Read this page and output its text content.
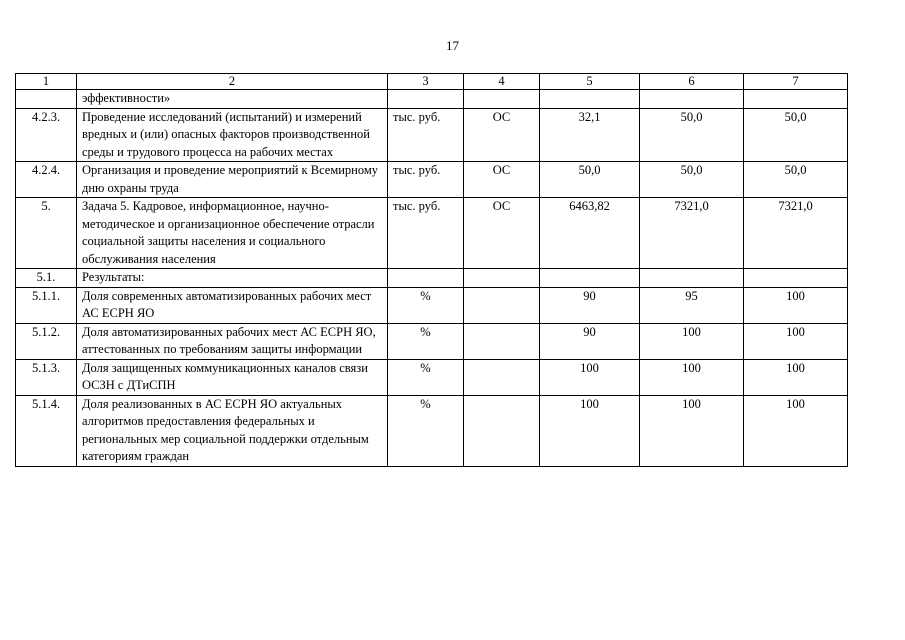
17
1	2	3	4	5	6	7
	эффективности»					
4.2.3.	Проведение исследований (испытаний) и измерений вредных и (или) опасных факторов производственной среды и трудового процесса на рабочих местах	тыс. руб.	ОС	32,1	50,0	50,0
4.2.4.	Организация и проведение мероприятий к Всемирному дню охраны труда	тыс. руб.	ОС	50,0	50,0	50,0
5.	Задача 5. Кадровое, информационное, научно-методическое и организационное обеспечение отрасли социальной защиты населения и социального обслуживания населения	тыс. руб.	ОС	6463,82	7321,0	7321,0
5.1.	Результаты:					
5.1.1.	Доля современных автоматизированных рабочих мест АС ЕСРН ЯО	%		90	95	100
5.1.2.	Доля автоматизированных рабочих мест АС ЕСРН ЯО, аттестованных по требованиям защиты информации	%		90	100	100
5.1.3.	Доля защищенных коммуникационных каналов связи ОСЗН с ДТиСПН	%		100	100	100
5.1.4.	Доля реализованных в АС ЕСРН ЯО актуальных алгоритмов предоставления федеральных и региональных мер социальной поддержки отдельным категориям граждан	%		100	100	100
